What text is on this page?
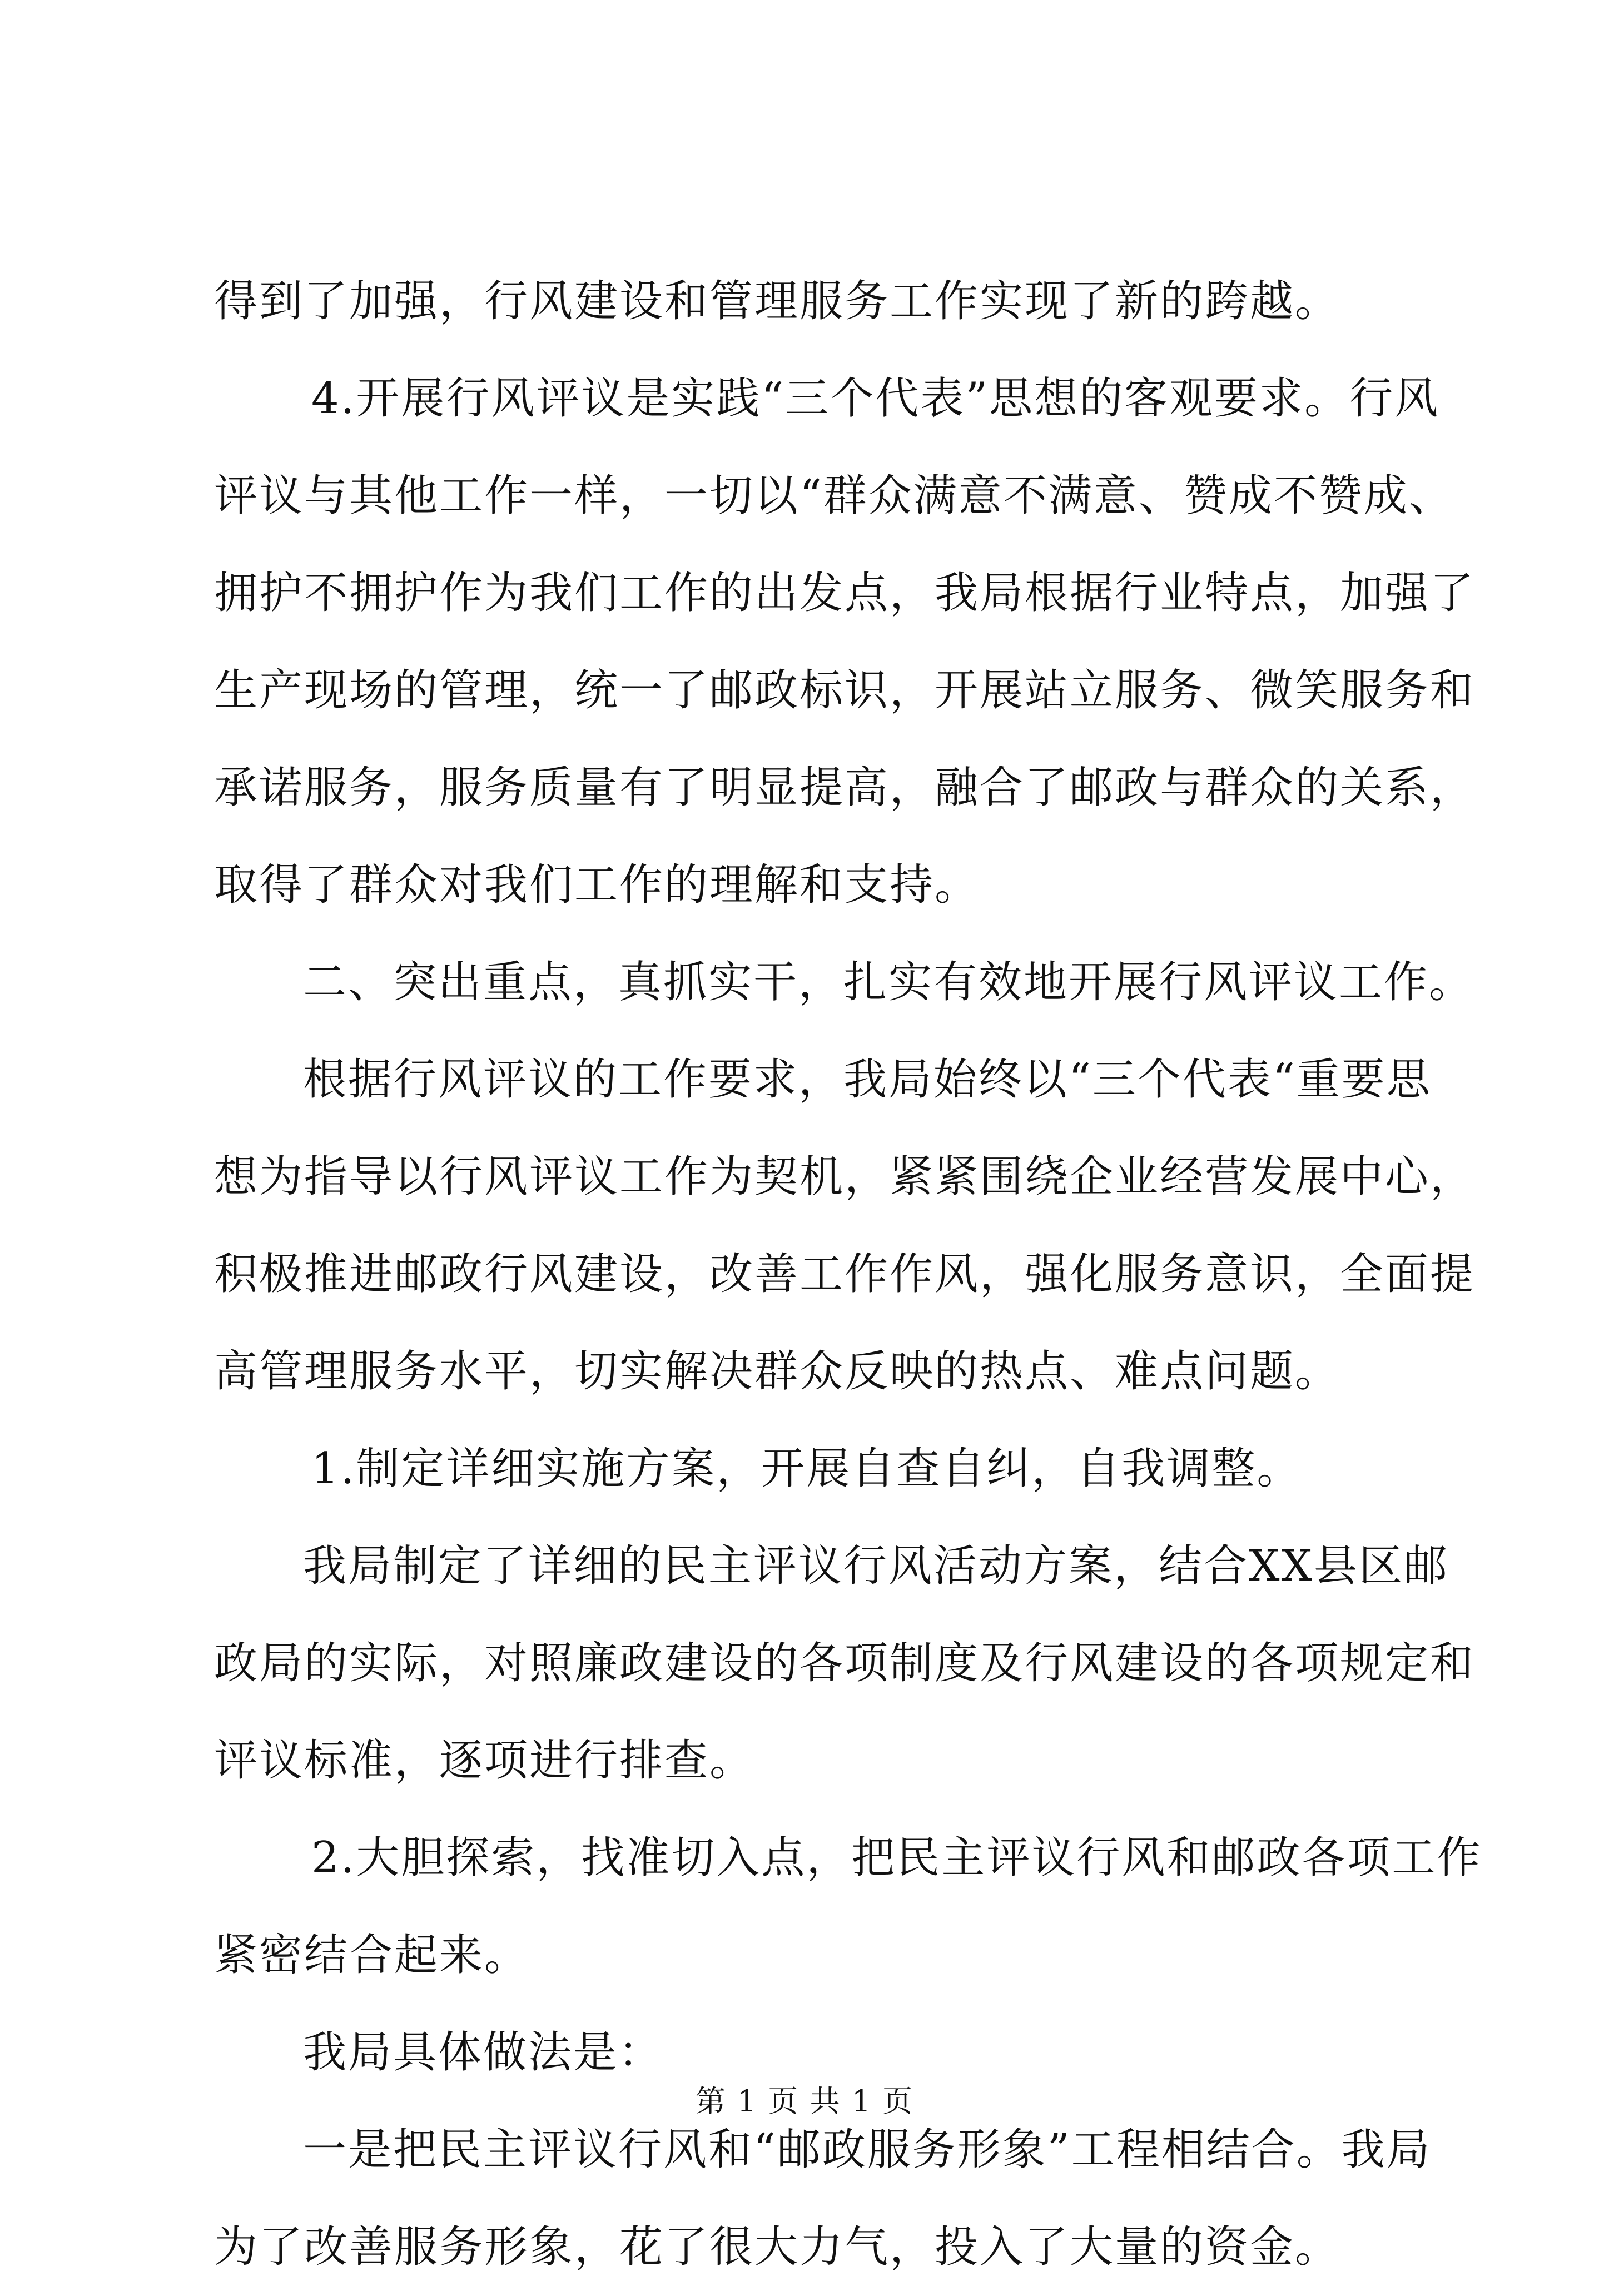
得到了加强，行风建设和管理服务工作实现了新的跨越。
4.开展行风评议是实践“三个代表”思想的客观要求。行风
评议与其他工作一样，一切以“群众满意不满意、赞成不赞成、
拥护不拥护作为我们工作的出发点，我局根据行业特点，加强了
生产现场的管理，统一了邮政标识，开展站立服务、微笑服务和
承诺服务，服务质量有了明显提高，融合了邮政与群众的关系，
取得了群众对我们工作的理解和支持。
二、突出重点，真抓实干，扎实有效地开展行风评议工作。
根据行风评议的工作要求，我局始终以“三个代表“重要思
想为指导以行风评议工作为契机，紧紧围绕企业经营发展中心，
积极推进邮政行风建设，改善工作作风，强化服务意识，全面提
高管理服务水平，切实解决群众反映的热点、难点问题。
1.制定详细实施方案，开展自查自纠，自我调整。
我局制定了详细的民主评议行风活动方案，结合XX县区邮
政局的实际，对照廉政建设的各项制度及行风建设的各项规定和
评议标准，逐项进行排查。
2.大胆探索，找准切入点，把民主评议行风和邮政各项工作
紧密结合起来。
我局具体做法是：
一是把民主评议行风和“邮政服务形象”工程相结合。我局
为了改善服务形象，花了很大力气，投入了大量的资金。
第 1 页 共 1 页
